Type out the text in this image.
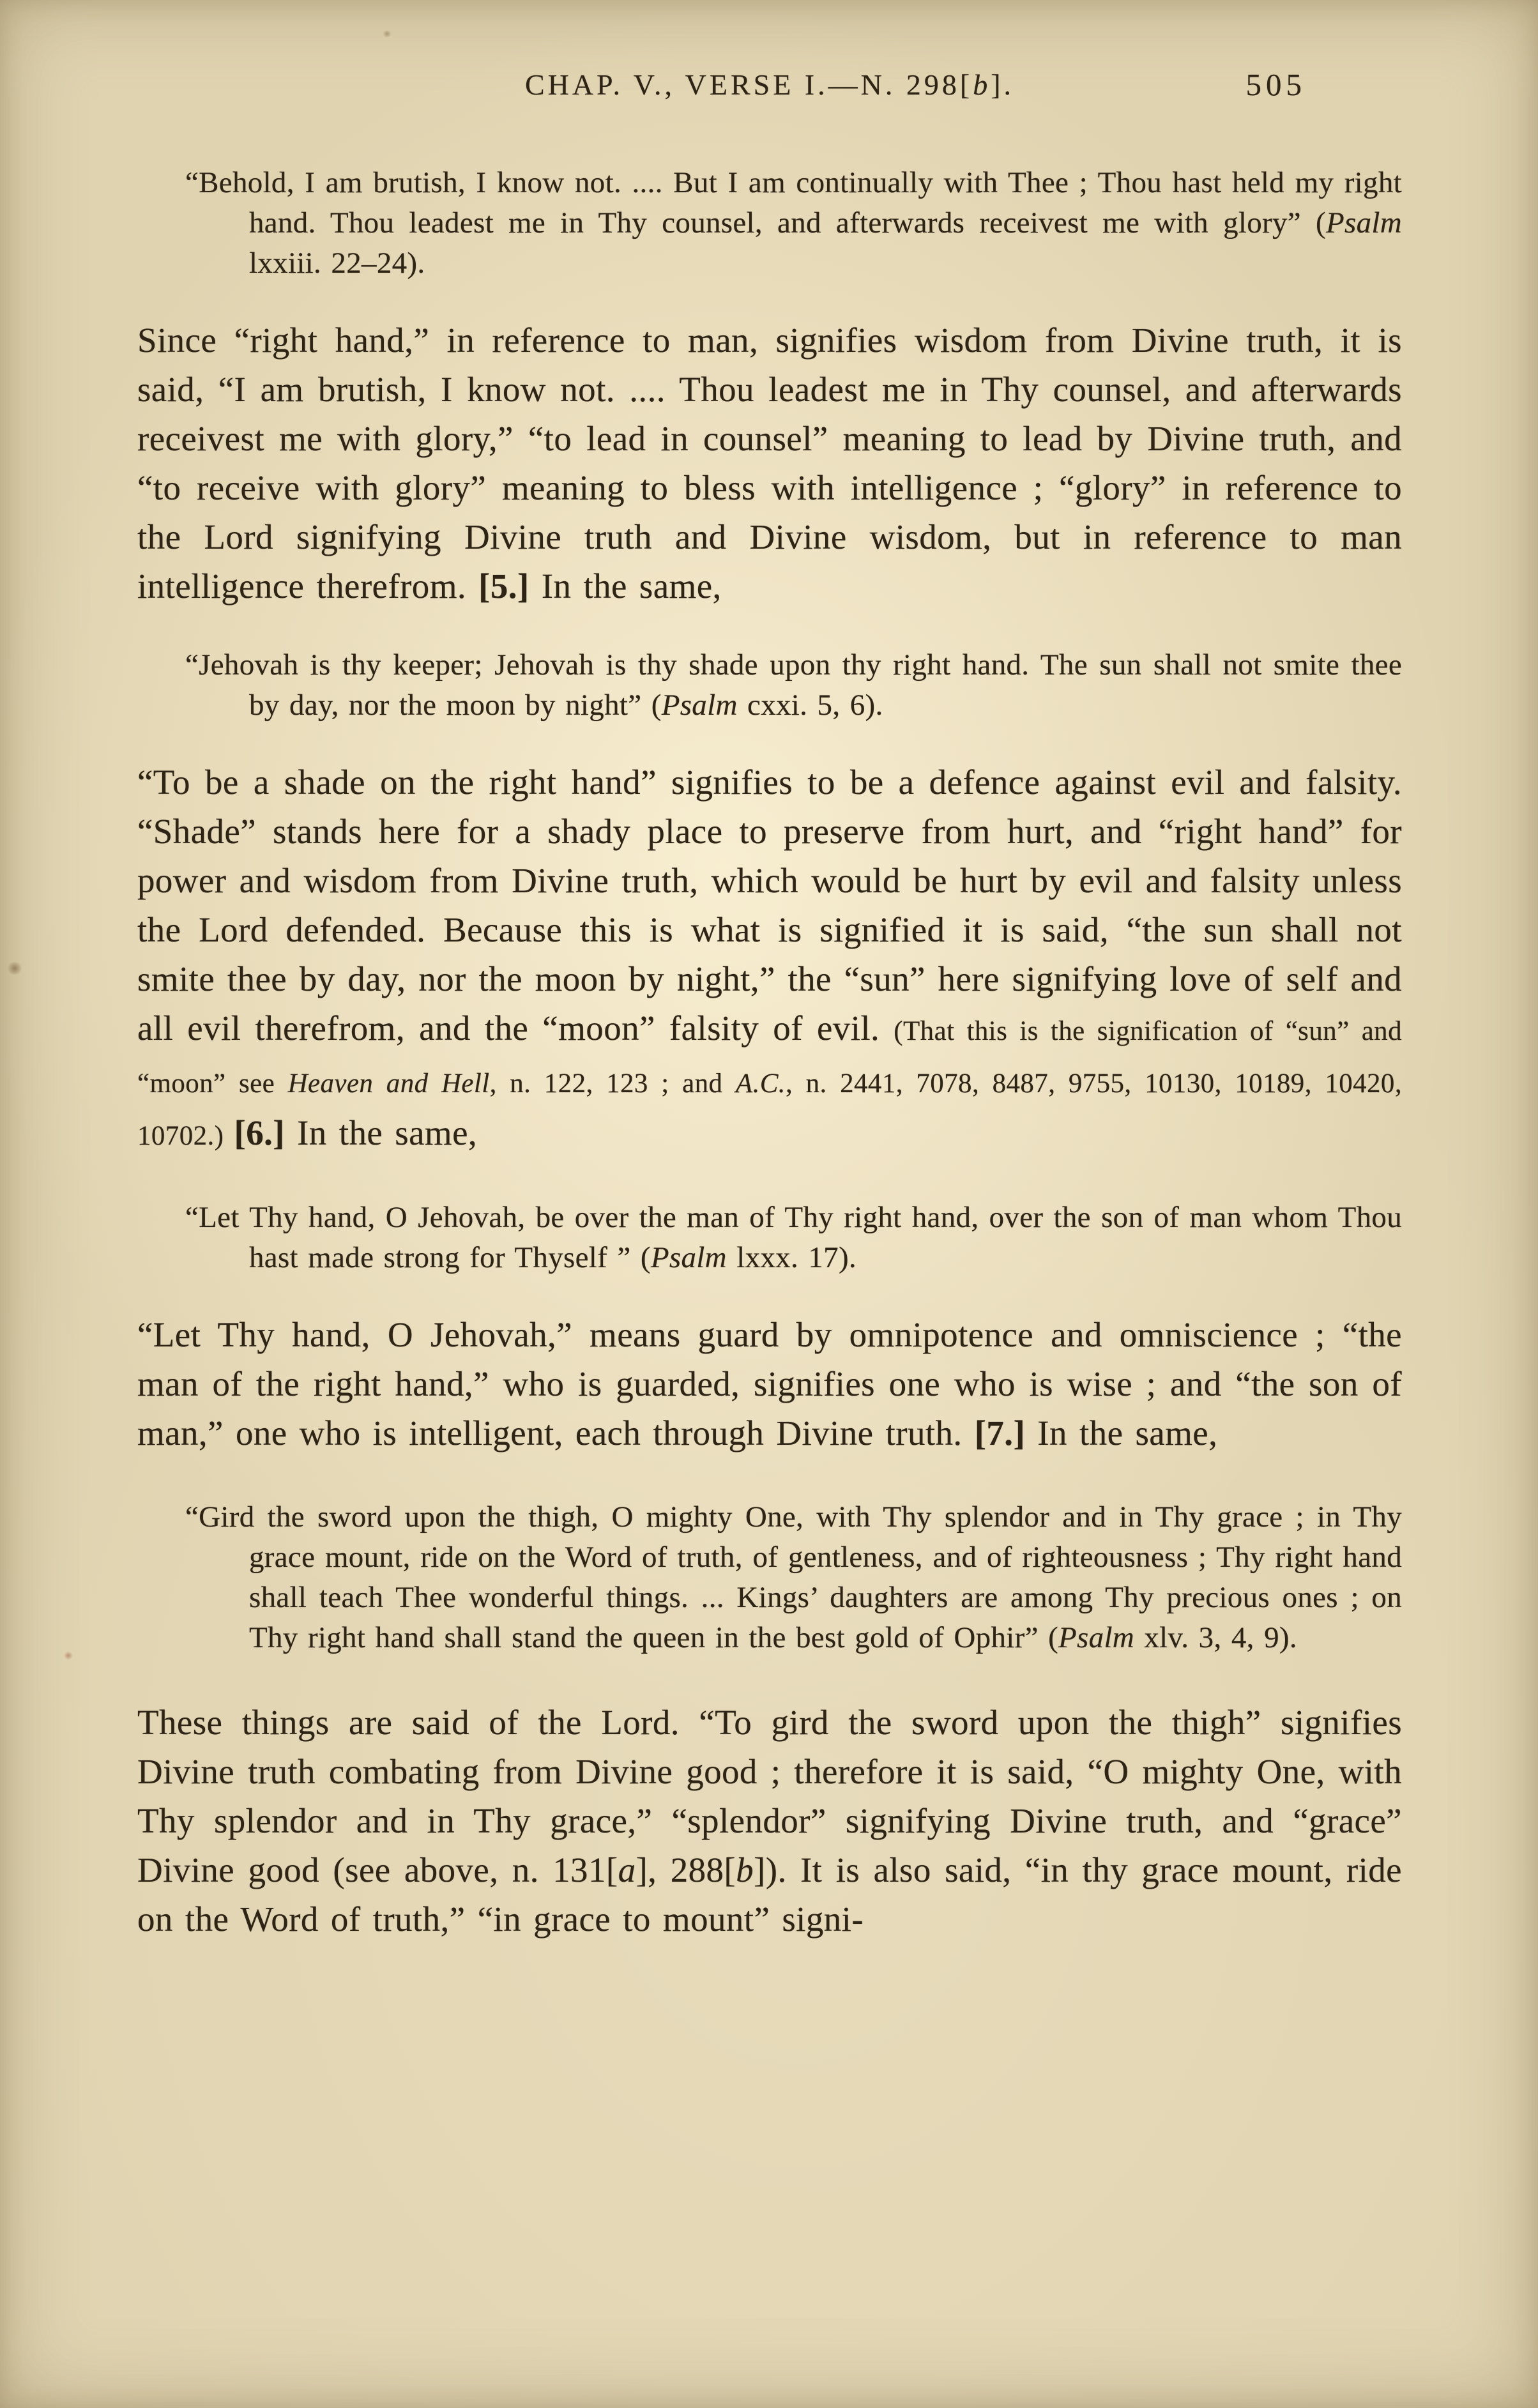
CHAP. V., VERSE I.—N. 298[b].	505
“Behold, I am brutish, I know not. .... But I am continually with Thee ; Thou hast held my right hand. Thou leadest me in Thy counsel, and afterwards receivest me with glory” (Psalm lxxiii. 22–24).

Since “right hand,” in reference to man, signifies wisdom from Divine truth, it is said, “I am brutish, I know not. .... Thou leadest me in Thy counsel, and afterwards receivest me with glory,” “to lead in counsel” meaning to lead by Divine truth, and “to receive with glory” meaning to bless with intelligence ; “glory” in reference to the Lord signifying Divine truth and Divine wisdom, but in reference to man intelligence therefrom. [5.] In the same,

“Jehovah is thy keeper; Jehovah is thy shade upon thy right hand. The sun shall not smite thee by day, nor the moon by night” (Psalm cxxi. 5, 6).

“To be a shade on the right hand” signifies to be a defence against evil and falsity. “Shade” stands here for a shady place to preserve from hurt, and “right hand” for power and wisdom from Divine truth, which would be hurt by evil and falsity unless the Lord defended. Because this is what is signified it is said, “the sun shall not smite thee by day, nor the moon by night,” the “sun” here signifying love of self and all evil therefrom, and the “moon” falsity of evil. (That this is the signification of “sun” and “moon” see Heaven and Hell, n. 122, 123 ; and A.C., n. 2441, 7078, 8487, 9755, 10130, 10189, 10420, 10702.) [6.] In the same,

“Let Thy hand, O Jehovah, be over the man of Thy right hand, over the son of man whom Thou hast made strong for Thyself ” (Psalm lxxx. 17).

“Let Thy hand, O Jehovah,” means guard by omnipotence and omniscience ; “the man of the right hand,” who is guarded, signifies one who is wise ; and “the son of man,” one who is intelligent, each through Divine truth. [7.] In the same,

“Gird the sword upon the thigh, O mighty One, with Thy splendor and in Thy grace ; in Thy grace mount, ride on the Word of truth, of gentleness, and of righteousness ; Thy right hand shall teach Thee wonderful things. ... Kings’ daughters are among Thy precious ones ; on Thy right hand shall stand the queen in the best gold of Ophir” (Psalm xlv. 3, 4, 9).

These things are said of the Lord. “To gird the sword upon the thigh” signifies Divine truth combating from Divine good ; therefore it is said, “O mighty One, with Thy splendor and in Thy grace,” “splendor” signifying Divine truth, and “grace” Divine good (see above, n. 131[a], 288[b]). It is also said, “in thy grace mount, ride on the Word of truth,” “in grace to mount” signi-
